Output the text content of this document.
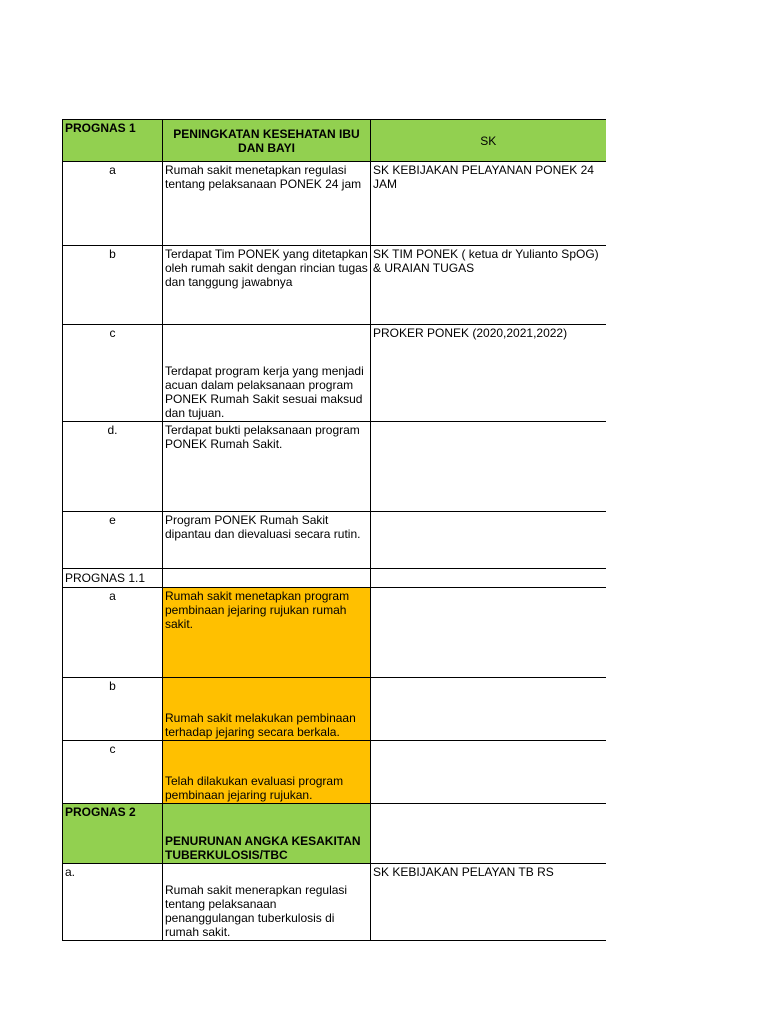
PROGNAS 1	PENINGKATAN KESEHATAN IBU DAN BAYI	SK
a	Rumah sakit menetapkan regulasi tentang pelaksanaan PONEK 24 jam	SK KEBIJAKAN PELAYANAN PONEK 24 JAM
b	Terdapat Tim PONEK yang ditetapkan oleh rumah sakit dengan rincian tugas dan tanggung jawabnya	SK TIM PONEK ( ketua dr Yulianto SpOG) & URAIAN TUGAS
c	Terdapat program kerja yang menjadi acuan dalam pelaksanaan program PONEK Rumah Sakit sesuai maksud dan tujuan.	PROKER PONEK (2020,2021,2022)
d.	Terdapat bukti pelaksanaan program PONEK Rumah Sakit.	
e	Program PONEK Rumah Sakit dipantau dan dievaluasi secara rutin.	
PROGNAS 1.1		
a	Rumah sakit menetapkan program pembinaan jejaring rujukan rumah sakit.	
b	Rumah sakit melakukan pembinaan terhadap jejaring secara berkala.	
c	Telah dilakukan evaluasi program pembinaan jejaring rujukan.	
PROGNAS 2	PENURUNAN ANGKA KESAKITAN TUBERKULOSIS/TBC	
a.	Rumah sakit menerapkan regulasi tentang pelaksanaan penanggulangan tuberkulosis di rumah sakit.	SK KEBIJAKAN PELAYAN TB RS
